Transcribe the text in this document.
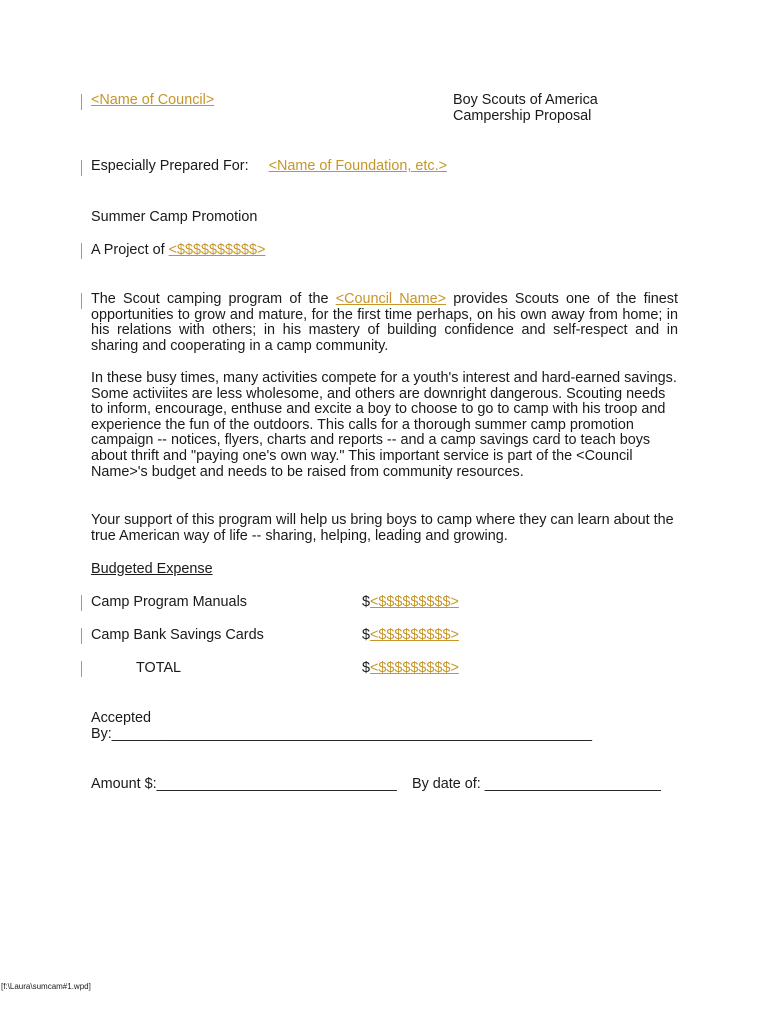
<Name of Council>	Boy Scouts of America
Campership Proposal
Especially Prepared For: <Name of Foundation, etc.>
Summer Camp Promotion
A Project of <$$$$$$$$$$>
The Scout camping program of the <Council Name> provides Scouts one of the finest opportunities to grow and mature, for the first time perhaps, on his own away from home; in his relations with others; in his mastery of building confidence and self-respect and in sharing and cooperating in a camp community.
In these busy times, many activities compete for a youth's interest and hard-earned savings. Some activiites are less wholesome, and others are downright dangerous. Scouting needs to inform, encourage, enthuse and excite a boy to choose to go to camp with his troop and experience the fun of the outdoors. This calls for a thorough summer camp promotion campaign -- notices, flyers, charts and reports -- and a camp savings card to teach boys about thrift and "paying one's own way." This important service is part of the <Council Name>'s budget and needs to be raised from community resources.
Your support of this program will help us bring boys to camp where they can learn about the true American way of life -- sharing, helping, leading and growing.
Budgeted Expense
Camp Program Manuals	$<$$$$$$$$$>
Camp Bank Savings Cards	$<$$$$$$$$$>
TOTAL	$<$$$$$$$$$>
Accepted
By:____________________________________________________________
Amount $:______________________________ By date of: ______________________
[f:\Laura\sumcam#1.wpd]
